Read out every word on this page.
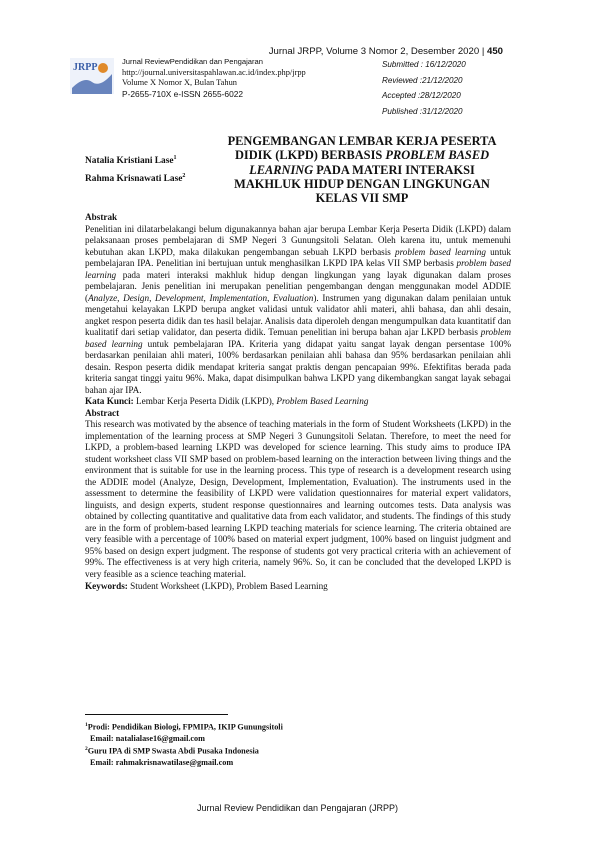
Jurnal JRPP, Volume 3 Nomor 2, Desember 2020 | 450
JRPP
Jurnal ReviewPendidikan dan Pengajaran
http://journal.universitaspahlawan.ac.id/index.php/jrpp
Volume X Nomor X, Bulan Tahun
P-2655-710X e-ISSN 2655-6022
Submitted : 16/12/2020
Reviewed :21/12/2020
Accepted :28/12/2020
Published :31/12/2020
Natalia Kristiani Lase$^1$
Rahma Krisnawati Lase$^2$
PENGEMBANGAN LEMBAR KERJA PESERTA DIDIK (LKPD) BERBASIS PROBLEM BASED LEARNING PADA MATERI INTERAKSI MAKHLUK HIDUP DENGAN LINGKUNGAN KELAS VII SMP

Abstrak

Penelitian ini dilatarbelakangi belum digunakannya bahan ajar berupa Lembar Kerja Peserta Didik (LKPD) dalam pelaksanaan proses pembelajaran di SMP Negeri 3 Gunungsitoli Selatan. Oleh karena itu, untuk memenuhi kebutuhan akan LKPD, maka dilakukan pengembangan sebuah LKPD berbasis problem based learning untuk pembelajaran IPA. Penelitian ini bertujuan untuk menghasilkan LKPD IPA kelas VII SMP berbasis problem based learning pada materi interaksi makhluk hidup dengan lingkungan yang layak digunakan dalam proses pembelajaran. Jenis penelitian ini merupakan penelitian pengembangan dengan menggunakan model ADDIE (Analyze, Design, Development, Implementation, Evaluation). Instrumen yang digunakan dalam penilaian untuk mengetahui kelayakan LKPD berupa angket validasi untuk validator ahli materi, ahli bahasa, dan ahli desain, angket respon peserta didik dan tes hasil belajar. Analisis data diperoleh dengan mengumpulkan data kuantitatif dan kualitatif dari setiap validator, dan peserta didik. Temuan penelitian ini berupa bahan ajar LKPD berbasis problem based learning untuk pembelajaran IPA. Kriteria yang didapat yaitu sangat layak dengan persentase 100% berdasarkan penilaian ahli materi, 100% berdasarkan penilaian ahli bahasa dan 95% berdasarkan penilaian ahli desain. Respon peserta didik mendapat kriteria sangat praktis dengan pencapaian 99%. Efektifitas berada pada kriteria sangat tinggi yaitu 96%. Maka, dapat disimpulkan bahwa LKPD yang dikembangkan sangat layak sebagai bahan ajar IPA.

Kata Kunci: Lembar Kerja Peserta Didik (LKPD), Problem Based Learning

Abstract

This research was motivated by the absence of teaching materials in the form of Student Worksheets (LKPD) in the implementation of the learning process at SMP Negeri 3 Gunungsitoli Selatan. Therefore, to meet the need for LKPD, a problem-based learning LKPD was developed for science learning. This study aims to produce IPA student worksheet class VII SMP based on problem-based learning on the interaction between living things and the environment that is suitable for use in the learning process. This type of research is a development research using the ADDIE model (Analyze, Design, Development, Implementation, Evaluation). The instruments used in the assessment to determine the feasibility of LKPD were validation questionnaires for material expert validators, linguists, and design experts, student response questionnaires and learning outcomes tests. Data analysis was obtained by collecting quantitative and qualitative data from each validator, and students. The findings of this study are in the form of problem-based learning LKPD teaching materials for science learning. The criteria obtained are very feasible with a percentage of 100% based on material expert judgment, 100% based on linguist judgment and 95% based on design expert judgment. The response of students got very practical criteria with an achievement of 99%. The effectiveness is at very high criteria, namely 96%. So, it can be concluded that the developed LKPD is very feasible as a science teaching material.

Keywords: Student Worksheet (LKPD), Problem Based Learning

$^1$Prodi: Pendidikan Biologi, FPMIPA, IKIP Gunungsitoli
Email: natalialase16@gmail.com
$^2$Guru IPA di SMP Swasta Abdi Pusaka Indonesia
Email: rahmakrisnawatilase@gmail.com
Jurnal Review Pendidikan dan Pengajaran (JRPP)
